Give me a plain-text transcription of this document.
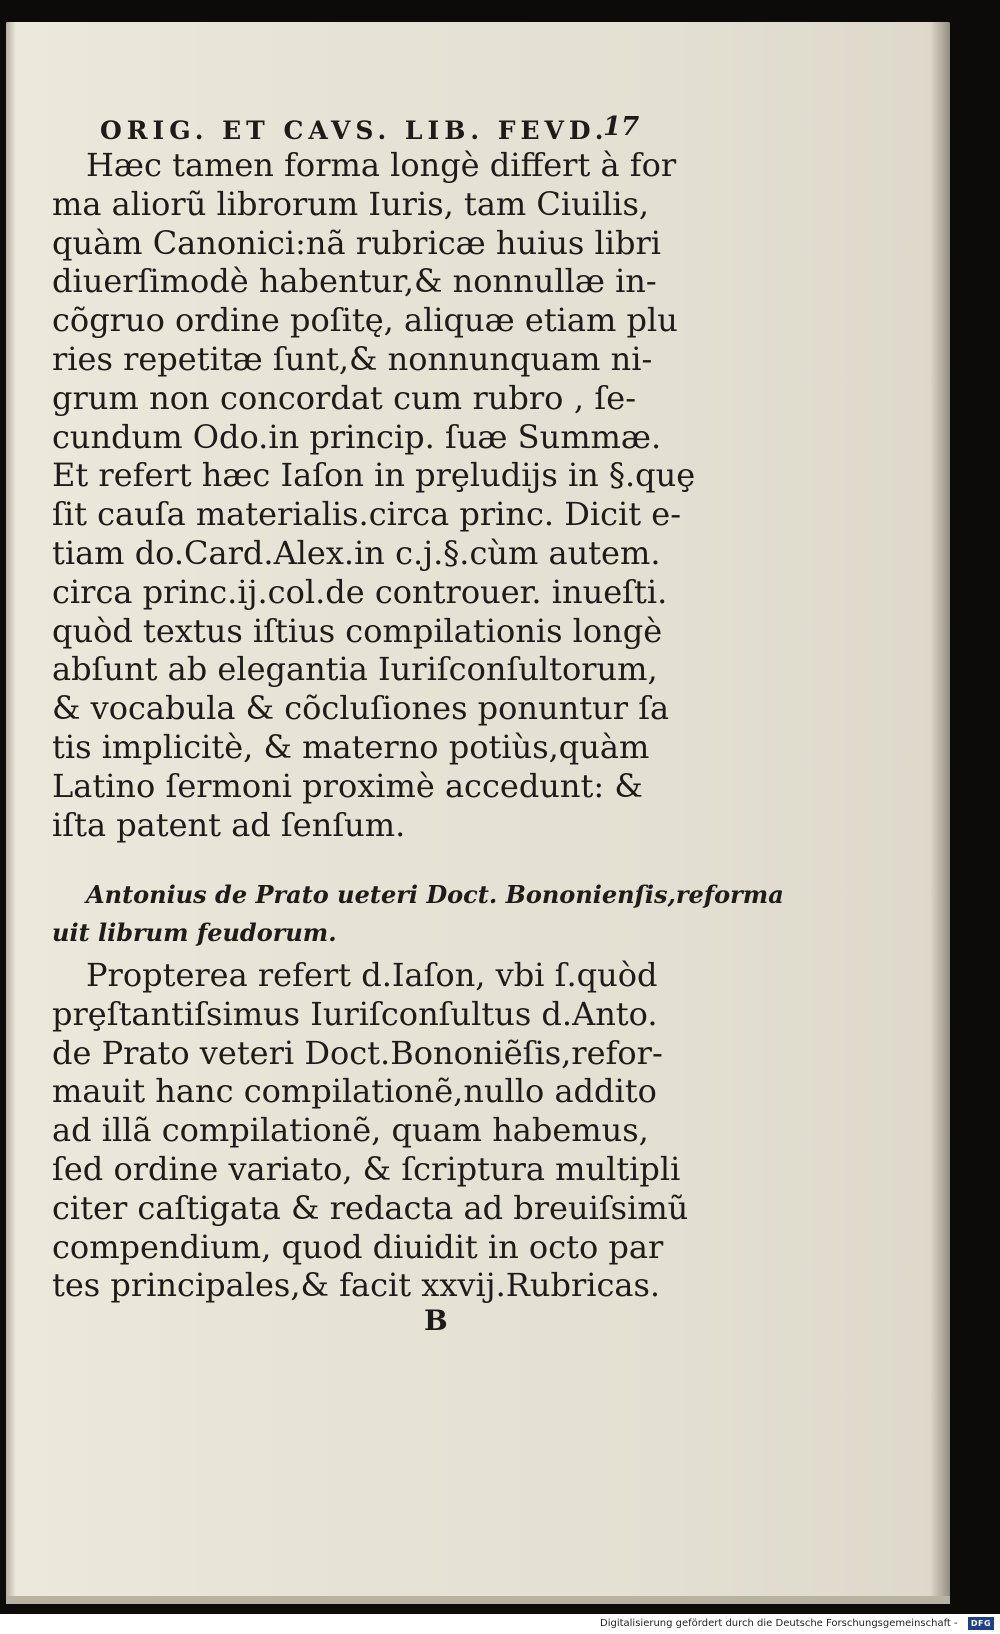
ORIG. ET CAVS. LIB. FEVD.
17
Hæc tamen forma longè differt à for
ma aliorũ librorum Iuris, tam Ciuilis,
quàm Canonici:nã rubricæ huius libri
diuerſimodè habentur,& nonnullæ in-
cõgruo ordine poſitę, aliquæ etiam plu
ries repetitæ ſunt,& nonnunquam ni-
grum non concordat cum rubro , ſe-
cundum Odo.in princip. ſuæ Summæ.
Et refert hæc Iaſon in prȩludijs in §.quȩ
ſit cauſa materialis.circa princ. Dicit e-
tiam do.Card.Alex.in c.j.§.cùm autem.
circa princ.ij.col.de controuer. inueſti.
quòd textus iſtius compilationis longè
abſunt ab elegantia Iuriſconſultorum,
& vocabula & cõcluſiones ponuntur ſa
tis implicitè, & materno potiùs,quàm
Latino ſermoni proximè accedunt: &
iſta patent ad ſenſum.
Antonius de Prato ueteri Doct. Bononienſis,reforma
uit librum feudorum.
Propterea refert d.Iaſon, vbi ſ.quòd
prȩſtantiſsimus Iuriſconſultus d.Anto.
de Prato veteri Doct.Bononiẽſis,refor-
mauit hanc compilationẽ,nullo addito
ad illã compilationẽ, quam habemus,
ſed ordine variato, & ſcriptura multipli
citer caſtigata & redacta ad breuiſsimũ
compendium, quod diuidit in octo par
tes principales,& facit xxvij.Rubricas.
B
Digitalisierung gefördert durch die Deutsche Forschungsgemeinschaft -	DFG
